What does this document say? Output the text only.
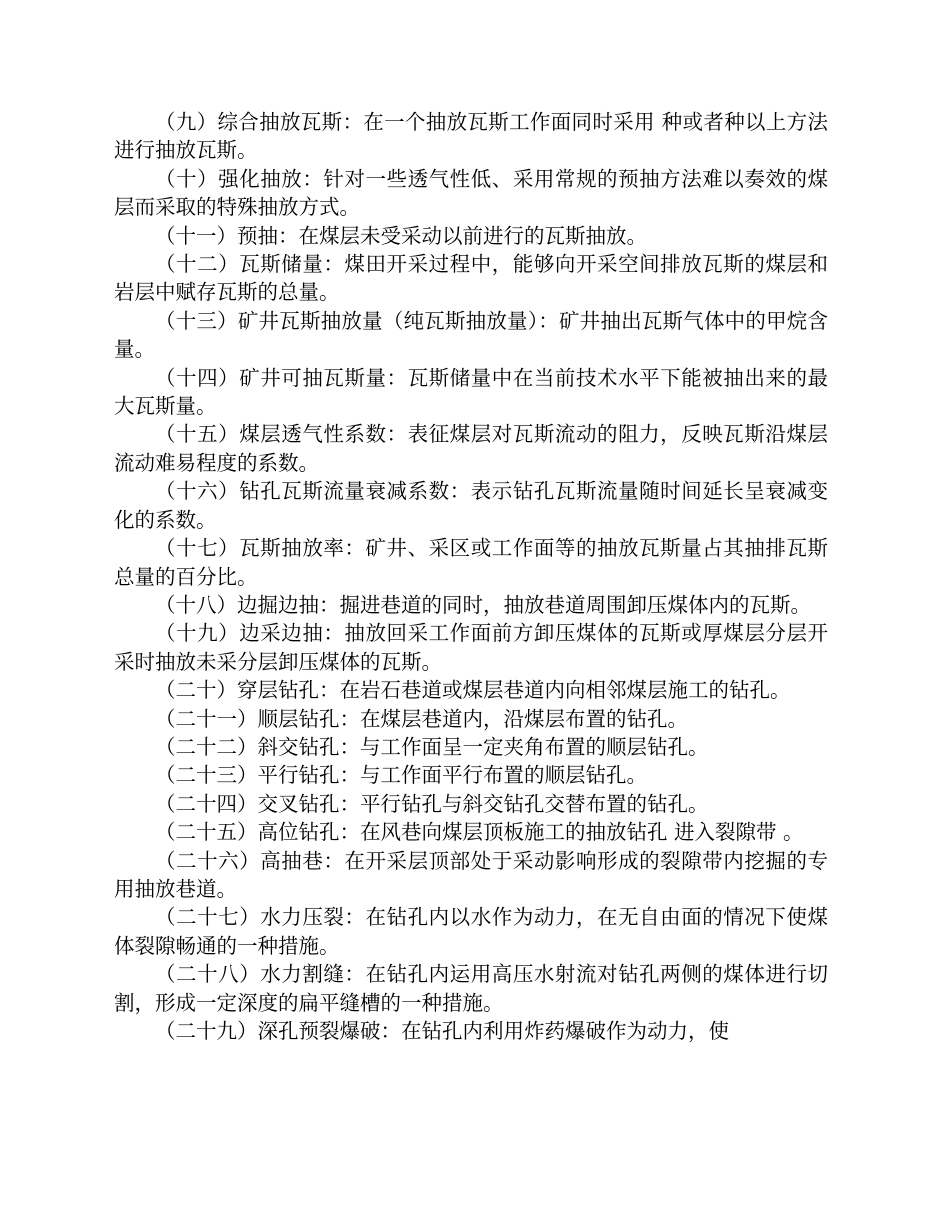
（九）综合抽放瓦斯：在一个抽放瓦斯工作面同时采用 种或者种以上方法进行抽放瓦斯。

（十）强化抽放：针对一些透气性低、采用常规的预抽方法难以奏效的煤层而采取的特殊抽放方式。

（十一）预抽：在煤层未受采动以前进行的瓦斯抽放。

（十二）瓦斯储量：煤田开采过程中，能够向开采空间排放瓦斯的煤层和岩层中赋存瓦斯的总量。

（十三）矿井瓦斯抽放量（纯瓦斯抽放量）：矿井抽出瓦斯气体中的甲烷含量。

（十四）矿井可抽瓦斯量：瓦斯储量中在当前技术水平下能被抽出来的最大瓦斯量。

（十五）煤层透气性系数：表征煤层对瓦斯流动的阻力，反映瓦斯沿煤层流动难易程度的系数。

（十六）钻孔瓦斯流量衰减系数：表示钻孔瓦斯流量随时间延长呈衰减变化的系数。

（十七）瓦斯抽放率：矿井、采区或工作面等的抽放瓦斯量占其抽排瓦斯总量的百分比。

（十八）边掘边抽：掘进巷道的同时，抽放巷道周围卸压煤体内的瓦斯。

（十九）边采边抽：抽放回采工作面前方卸压煤体的瓦斯或厚煤层分层开采时抽放未采分层卸压煤体的瓦斯。

（二十）穿层钻孔：在岩石巷道或煤层巷道内向相邻煤层施工的钻孔。

（二十一）顺层钻孔：在煤层巷道内，沿煤层布置的钻孔。

（二十二）斜交钻孔：与工作面呈一定夹角布置的顺层钻孔。

（二十三）平行钻孔：与工作面平行布置的顺层钻孔。

（二十四）交叉钻孔：平行钻孔与斜交钻孔交替布置的钻孔。

（二十五）高位钻孔：在风巷向煤层顶板施工的抽放钻孔 进入裂隙带 。

（二十六）高抽巷：在开采层顶部处于采动影响形成的裂隙带内挖掘的专用抽放巷道。

（二十七）水力压裂：在钻孔内以水作为动力，在无自由面的情况下使煤体裂隙畅通的一种措施。

（二十八）水力割缝：在钻孔内运用高压水射流对钻孔两侧的煤体进行切割，形成一定深度的扁平缝槽的一种措施。

（二十九）深孔预裂爆破：在钻孔内利用炸药爆破作为动力，使
